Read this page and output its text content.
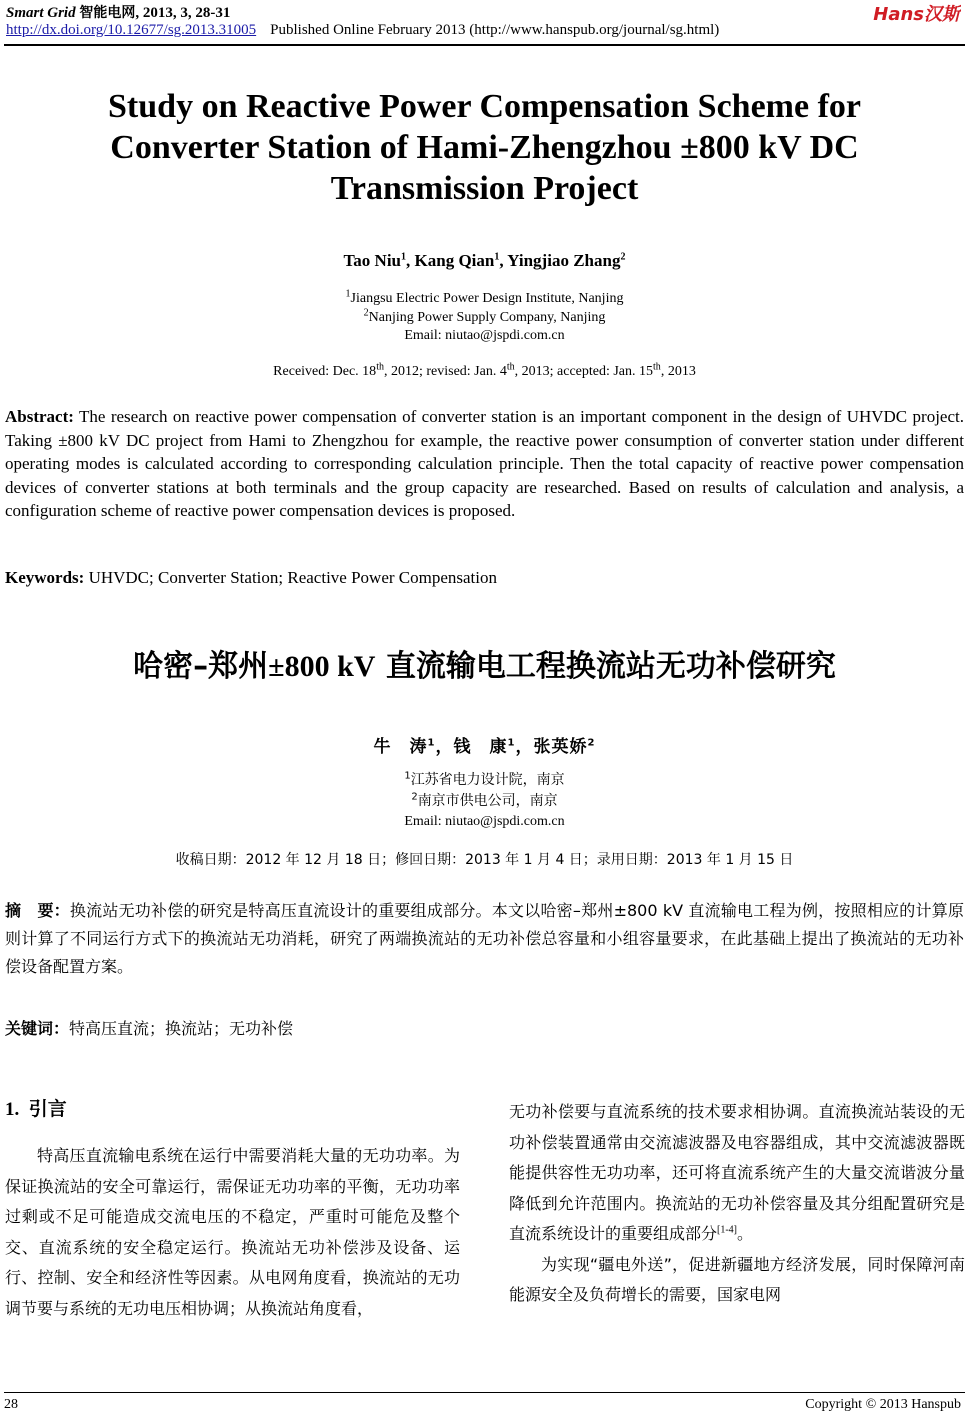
Smart Grid 智能电网, 2013, 3, 28-31	Hans汉斯
http://dx.doi.org/10.12677/sg.2013.31005 Published Online February 2013 (http://www.hanspub.org/journal/sg.html)
Study on Reactive Power Compensation Scheme for Converter Station of Hami-Zhengzhou ±800 kV DC Transmission Project
Tao Niu$^1$, Kang Qian$^1$, Yingjiao Zhang$^2$
$^1$Jiangsu Electric Power Design Institute, Nanjing
$^2$Nanjing Power Supply Company, Nanjing
Email: niutao@jspdi.com.cn
Received: Dec. 18th, 2012; revised: Jan. 4th, 2013; accepted: Jan. 15th, 2013
Abstract: The research on reactive power compensation of converter station is an important component in the design of UHVDC project. Taking ±800 kV DC project from Hami to Zhengzhou for example, the reactive power consumption of converter station under different operating modes is calculated according to corresponding calculation principle. Then the total capacity of reactive power compensation devices of converter stations at both terminals and the group capacity are researched. Based on results of calculation and analysis, a configuration scheme of reactive power compensation devices is proposed.
Keywords: UHVDC; Converter Station; Reactive Power Compensation
哈密–郑州±800 kV 直流输电工程换流站无功补偿研究
牛　涛$^1$，钱　康$^1$，张英娇$^2$
$^1$江苏省电力设计院，南京
$^2$南京市供电公司，南京
Email: niutao@jspdi.com.cn
收稿日期：2012 年 12 月 18 日；修回日期：2013 年 1 月 4 日；录用日期：2013 年 1 月 15 日
摘　要：换流站无功补偿的研究是特高压直流设计的重要组成部分。本文以哈密–郑州±800 kV 直流输电工程为例，按照相应的计算原则计算了不同运行方式下的换流站无功消耗，研究了两端换流站的无功补偿总容量和小组容量要求，在此基础上提出了换流站的无功补偿设备配置方案。
关键词：特高压直流；换流站；无功补偿
1. 引言

特高压直流输电系统在运行中需要消耗大量的无功功率。为保证换流站的安全可靠运行，需保证无功功率的平衡，无功功率过剩或不足可能造成交流电压的不稳定，严重时可能危及整个交、直流系统的安全稳定运行。换流站无功补偿涉及设备、运行、控制、安全和经济性等因素。从电网角度看，换流站的无功调节要与系统的无功电压相协调；从换流站角度看，

无功补偿要与直流系统的技术要求相协调。直流换流站装设的无功补偿装置通常由交流滤波器及电容器组成，其中交流滤波器既能提供容性无功功率，还可将直流系统产生的大量交流谐波分量降低到允许范围内。换流站的无功补偿容量及其分组配置研究是直流系统设计的重要组成部分[1-4]。

为实现“疆电外送”，促进新疆地方经济发展，同时保障河南能源安全及负荷增长的需要，国家电网

28	Copyright © 2013 Hanspub
